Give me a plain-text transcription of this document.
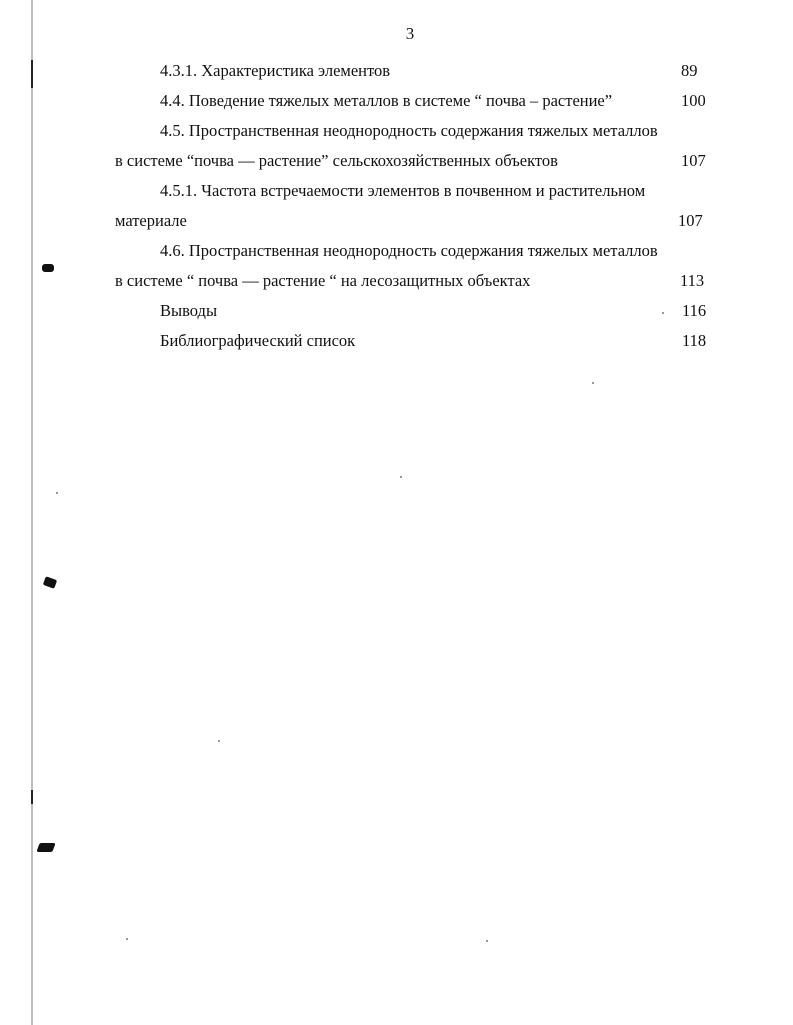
3
4.3.1. Характеристика элементов	89
4.4. Поведение тяжелых металлов в системе “ почва – растение”	100
4.5. Пространственная неоднородность содержания тяжелых металлов
в системе “почва — растение” сельскохозяйственных объектов	107
4.5.1. Частота встречаемости элементов в почвенном и растительном
материале	107
4.6. Пространственная неоднородность содержания тяжелых металлов
в системе “ почва — растение “ на лесозащитных объектах	113
Выводы	116
Библиографический список	118
